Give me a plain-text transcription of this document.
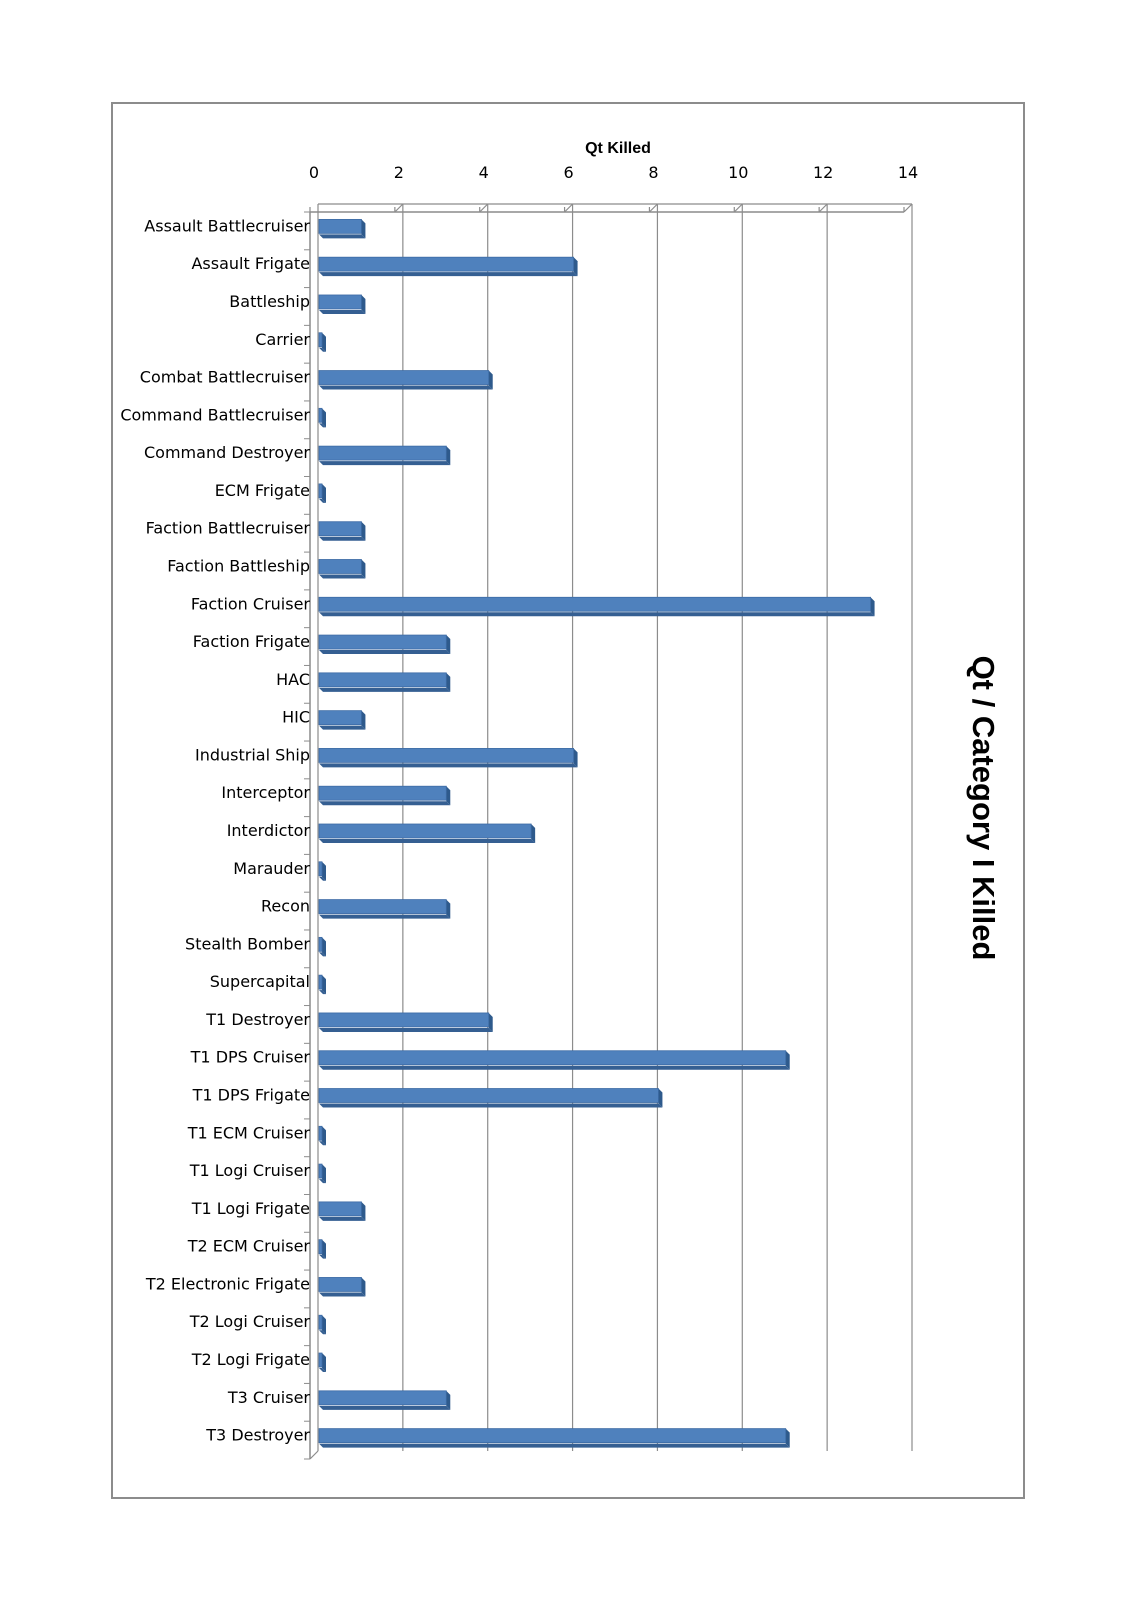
0	2	4	6	8	10	12	14
Assault Battlecruiser
Assault Frigate
Battleship
Carrier
Combat Battlecruiser
Command Battlecruiser
Command Destroyer
ECM Frigate
Faction Battlecruiser
Faction Battleship
Faction Cruiser
Faction Frigate
HAC
HIC
Industrial Ship
Interceptor
Interdictor
Marauder
Recon
Stealth Bomber
Supercapital
T1 Destroyer
T1 DPS Cruiser
T1 DPS Frigate
T1 ECM Cruiser
T1 Logi Cruiser
T1 Logi Frigate
T2 ECM Cruiser
T2 Electronic Frigate
T2 Logi Cruiser
T2 Logi Frigate
T3 Cruiser
T3 Destroyer
Qt Killed
Qt / Category I Killed
